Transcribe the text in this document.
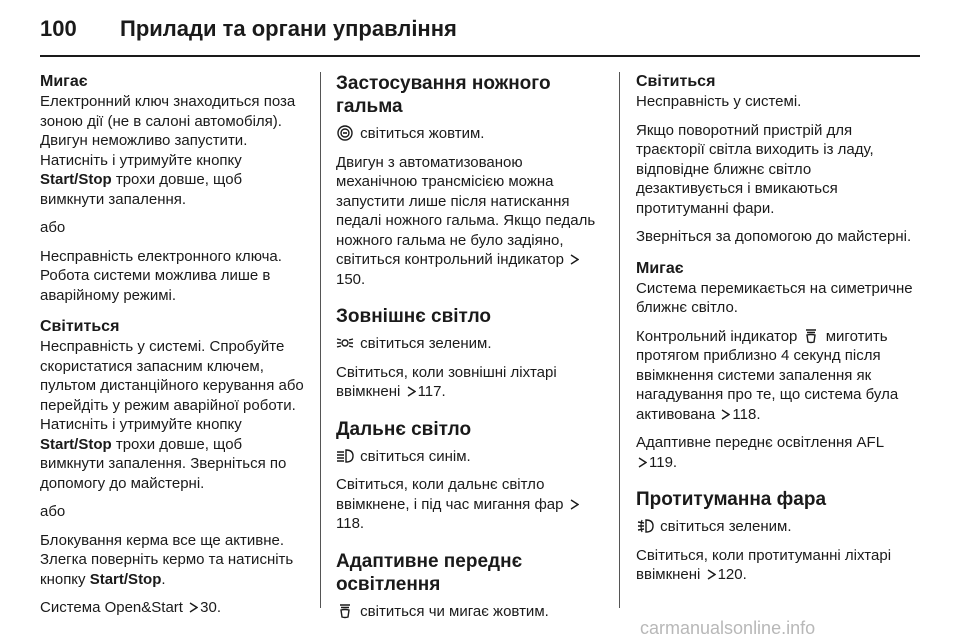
100 Прилади та органи управління
Мигає

Електронний ключ знаходиться поза зоною дії (не в салоні автомобіля). Двигун неможливо запустити. Натисніть і утримуйте кнопку Start/Stop трохи довше, щоб вимкнути запалення.

або

Несправність електронного ключа. Робота системи можлива лише в аварійному режимі.

Світиться

Несправність у системі. Спробуйте скористатися запасним ключем, пультом дистанційного керування або перейдіть у режим аварійної роботи. Натисніть і утримуйте кнопку Start/Stop трохи довше, щоб вимкнути запалення. Зверніться по допомогу до майстерні.

або

Блокування керма все ще активне. Злегка поверніть кермо та натисніть кнопку Start/Stop.

Система Open&Start 30.

Застосування ножного гальма

світиться жовтим.

Двигун з автоматизованою механічною трансмісією можна запустити лише після натискання педалі ножного гальма. Якщо педаль ножного гальма не було задіяно, світиться контрольний індикатор 150.

Зовнішнє світло

світиться зеленим.

Світиться, коли зовнішні ліхтарі ввімкнені 117.

Дальнє світло

світиться синім.

Світиться, коли дальнє світло ввімкнене, і під час мигання фар 118.

Адаптивне переднє освітлення

світиться чи мигає жовтим.

Світиться

Несправність у системі.

Якщо поворотний пристрій для траєкторії світла виходить із ладу, відповідне ближнє світло дезактивується і вмикаються протитуманні фари.

Зверніться за допомогою до майстерні.

Мигає

Система перемикається на симетричне ближнє світло.

Контрольний індикатор  миготить протягом приблизно 4 секунд після ввімкнення системи запалення як нагадування про те, що система була активована 118.

Адаптивне переднє освітлення AFL
119.

Протитуманна фара

світиться зеленим.

Світиться, коли протитуманні ліхтарі ввімкнені 120.

carmanualsonline.info
